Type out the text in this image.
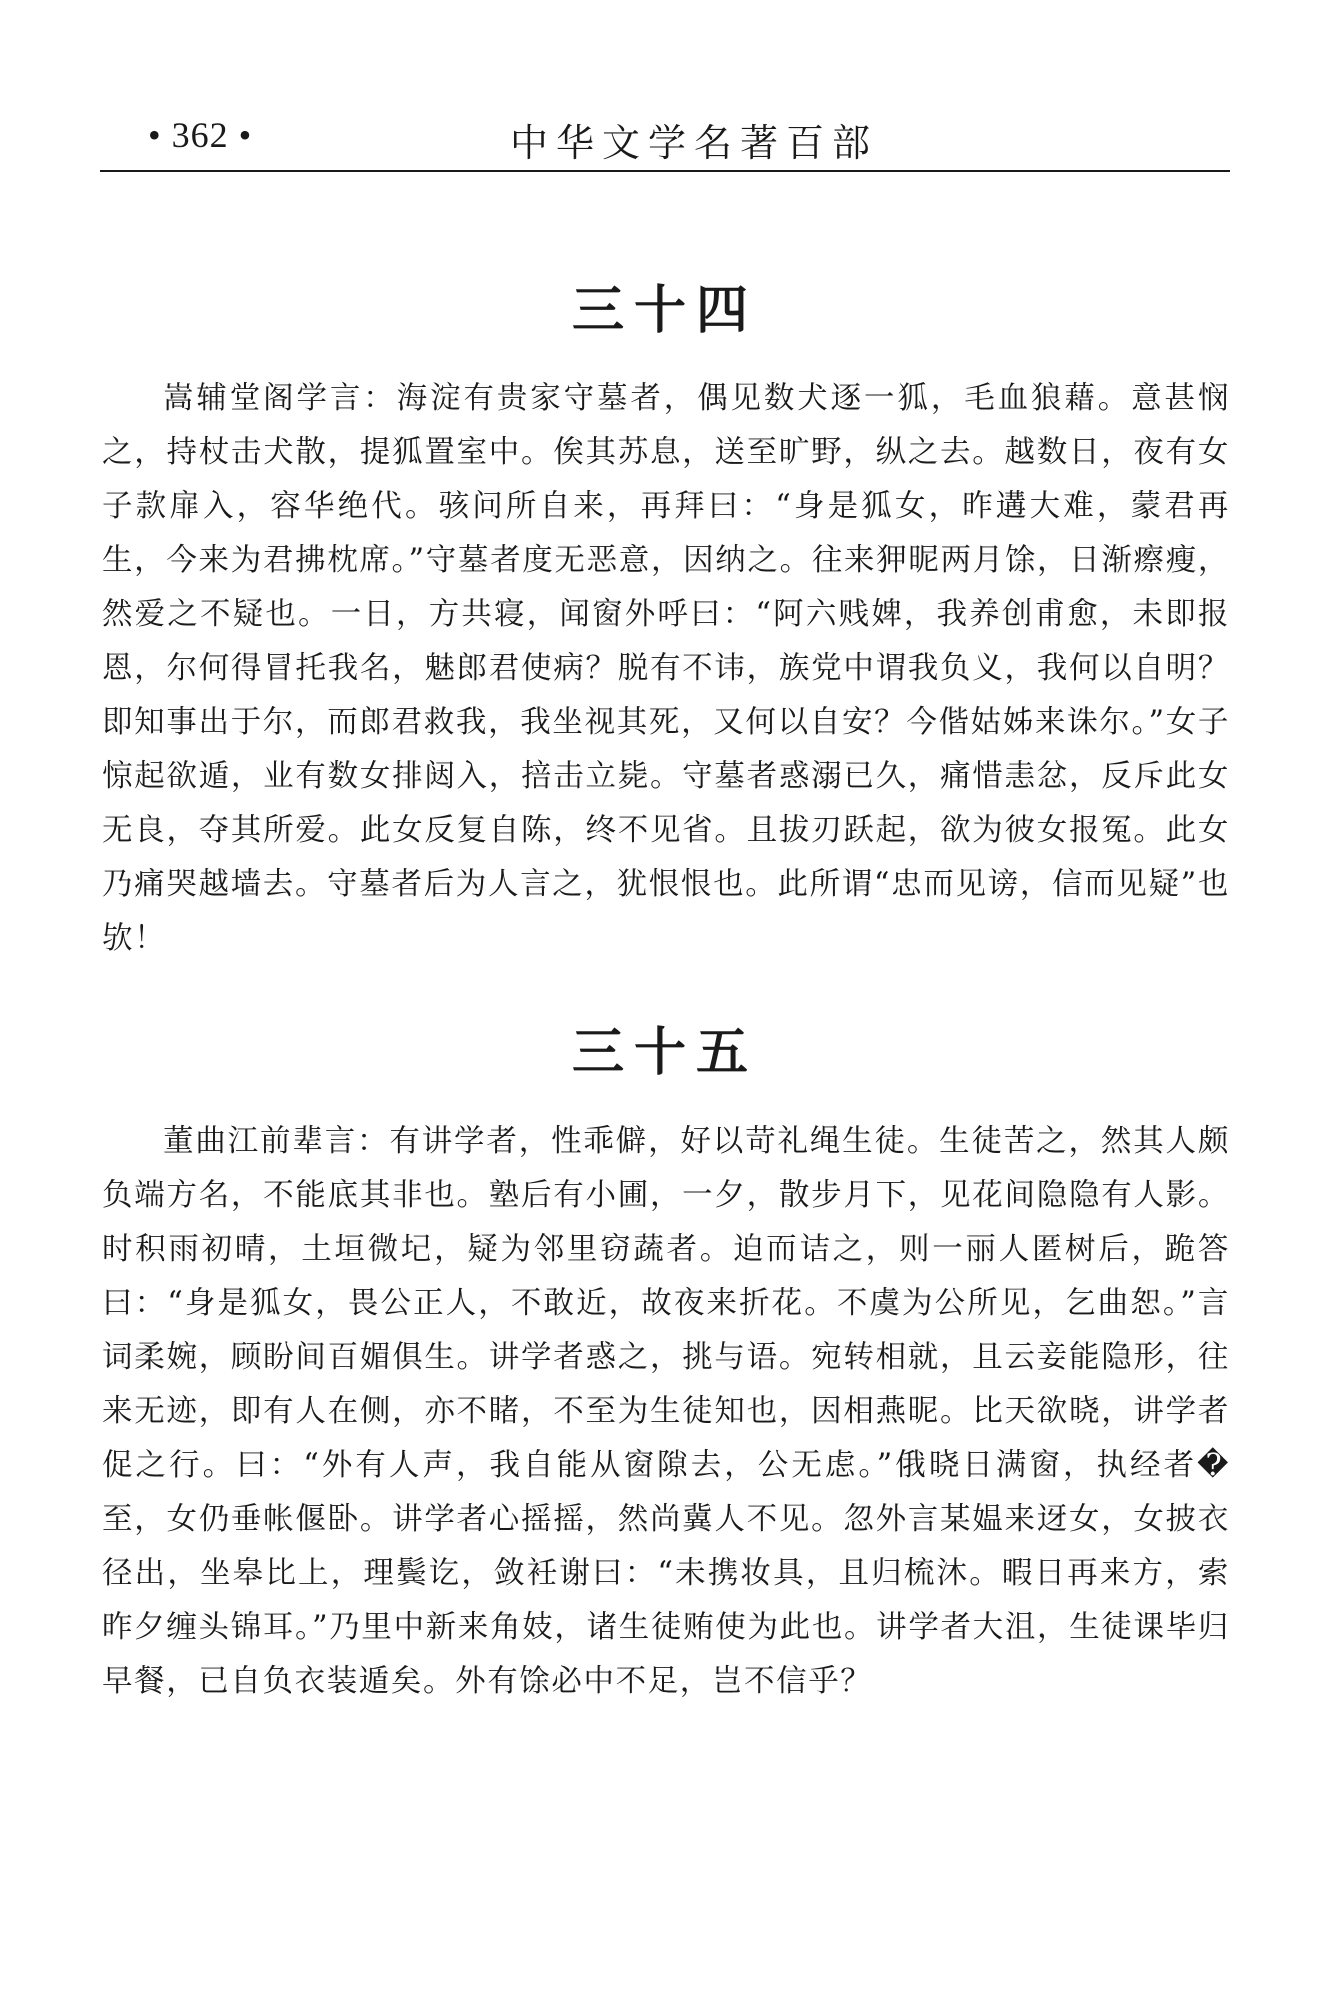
• 362 •	中华文学名著百部
三十四

嵩辅堂阁学言：海淀有贵家守墓者，偶见数犬逐一狐，毛血狼藉。意甚悯之，持杖击犬散，提狐置室中。俟其苏息，送至旷野，纵之去。越数日，夜有女子款扉入，容华绝代。骇问所自来，再拜曰：“身是狐女，昨遘大难，蒙君再生，今来为君拂枕席。”守墓者度无恶意，因纳之。往来狎昵两月馀，日渐瘵瘦，然爱之不疑也。一日，方共寝，闻窗外呼曰：“阿六贱婢，我养创甫愈，未即报恩，尔何得冒托我名，魅郎君使病？脱有不讳，族党中谓我负义，我何以自明？即知事出于尔，而郎君救我，我坐视其死，又何以自安？今偕姑姊来诛尔。”女子惊起欲遁，业有数女排闼入，掊击立毙。守墓者惑溺已久，痛惜恚忿，反斥此女无良，夺其所爱。此女反复自陈，终不见省。且拔刃跃起，欲为彼女报冤。此女乃痛哭越墙去。守墓者后为人言之，犹恨恨也。此所谓“忠而见谤，信而见疑”也欤！

三十五

董曲江前辈言：有讲学者，性乖僻，好以苛礼绳生徒。生徒苦之，然其人颇负端方名，不能底其非也。塾后有小圃，一夕，散步月下，见花间隐隐有人影。时积雨初晴，土垣微圮，疑为邻里窃蔬者。迫而诘之，则一丽人匿树后，跪答曰：“身是狐女，畏公正人，不敢近，故夜来折花。不虞为公所见，乞曲恕。”言词柔婉，顾盼间百媚俱生。讲学者惑之，挑与语。宛转相就，且云妾能隐形，往来无迹，即有人在侧，亦不睹，不至为生徒知也，因相燕昵。比天欲晓，讲学者促之行。曰：“外有人声，我自能从窗隙去，公无虑。”俄晓日满窗，执经者�至，女仍垂帐偃卧。讲学者心摇摇，然尚冀人不见。忽外言某媪来迓女，女披衣径出，坐皋比上，理鬓讫，敛衽谢曰：“未携妆具，且归梳沐。暇日再来方，索昨夕缠头锦耳。”乃里中新来角妓，诸生徒贿使为此也。讲学者大沮，生徒课毕归早餐，已自负衣装遁矣。外有馀必中不足，岂不信乎？
